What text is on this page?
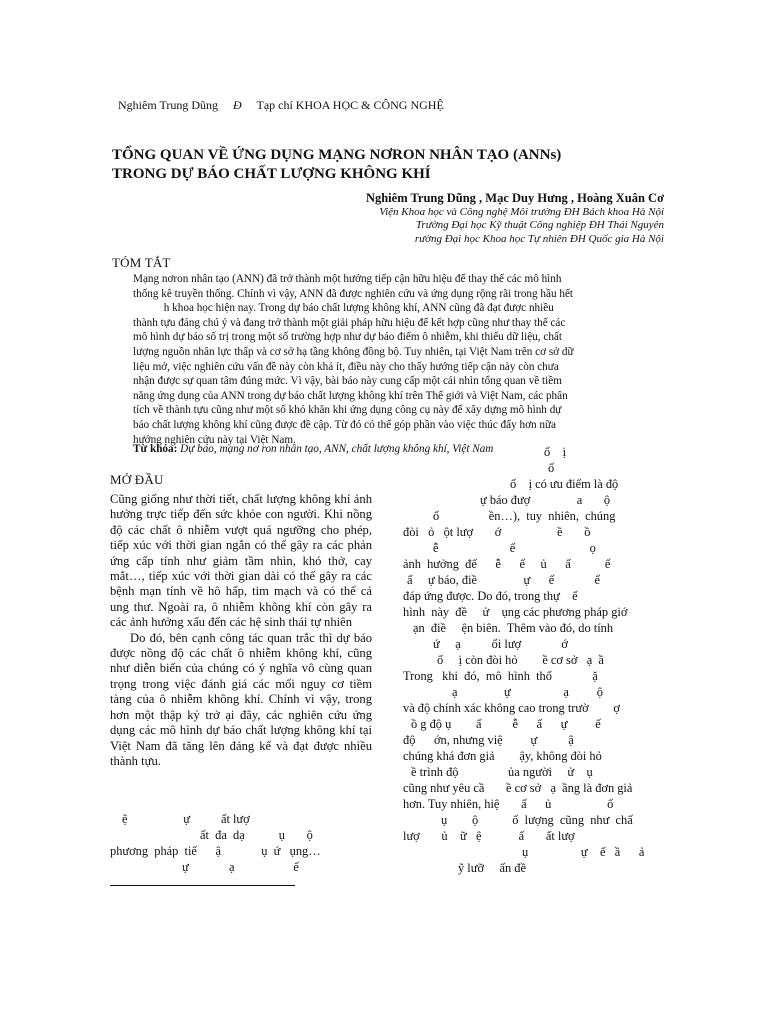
Nghiêm Trung Dũng Đ Tạp chí KHOA HỌC & CÔNG NGHỆ
TỔNG QUAN VỀ ỨNG DỤNG MẠNG NƠRON NHÂN TẠO (ANNs)
TRONG DỰ BÁO CHẤT LƯỢNG KHÔNG KHÍ
Nghiêm Trung Dũng , Mạc Duy Hưng , Hoàng Xuân Cơ
Viện Khoa học và Công nghệ Môi trường ĐH Bách khoa Hà Nội
Trường Đại học Kỹ thuật Công nghiệp ĐH Thái Nguyên
rường Đại học Khoa học Tự nhiên ĐH Quốc gia Hà Nội
TÓM TẮT
Mạng nơron nhân tạo (ANN) đã trở thành một hướng tiếp cận hữu hiệu để thay thế các mô hình
thống kê truyền thống. Chính vì vậy, ANN đã được nghiên cứu và ứng dụng rộng rãi trong hầu hết
h khoa học hiện nay. Trong dự báo chất lượng không khí, ANN cũng đã đạt được nhiều
thành tựu đáng chú ý và đang trở thành một giải pháp hữu hiệu để kết hợp cũng như thay thế các
mô hình dự báo số trị trong một số trường hợp như dự báo điểm ô nhiễm, khi thiếu dữ liệu, chất
lượng nguồn nhân lực thấp và cơ sở hạ tầng không đồng bộ. Tuy nhiên, tại Việt Nam trên cơ sở dữ
liệu mở, việc nghiên cứu vấn đề này còn khá ít, điều này cho thấy hướng tiếp cận này còn chưa
nhận được sự quan tâm đúng mức. Vì vậy, bài báo này cung cấp một cái nhìn tổng quan về tiềm
năng ứng dụng của ANN trong dự báo chất lượng không khí trên Thế giới và Việt Nam, các phân
tích về thành tựu cũng như một số khó khăn khi ứng dụng công cụ này để xây dựng mô hình dự
báo chất lượng không khí cũng được đề cập. Từ đó có thể góp phần vào việc thúc đẩy hơn nữa
hướng nghiên cứu này tại Việt Nam.
Từ khóa: Dự báo, mạng nơ ron nhân tạo, ANN, chất lượng không khí, Việt Nam
MỞ ĐẦU

Cũng giống như thời tiết, chất lượng không khí ảnh hưởng trực tiếp đến sức khỏe con người. Khi nồng độ các chất ô nhiễm vượt quá ngưỡng cho phép, tiếp xúc với thời gian ngắn có thể gây ra các phản ứng cấp tính như giảm tầm nhìn, khó thở, cay mắt…, tiếp xúc với thời gian dài có thể gây ra các bệnh mạn tính về hô hấp, tim mạch và có thể cả ung thư. Ngoài ra, ô nhiễm không khí còn gây ra các ảnh hưởng xấu đến các hệ sinh thái tự nhiên

Do đó, bên cạnh công tác quan trắc thì dự báo được nồng độ các chất ô nhiễm không khí, cũng như diễn biến của chúng có ý nghĩa vô cùng quan trọng trong việc đánh giá các mối nguy cơ tiềm tàng của ô nhiễm không khí. Chính vì vậy, trong hơn một thập kỷ trở ại đây, các nghiên cứu ứng dụng các mô hình dự báo chất lượng không khí tại Việt Nam đã tăng lên đáng kể và đạt được nhiều thành tựu.

ệ                  ự          ất lượ
ất  đa  dạ           ụ       ộ
phương  pháp  tiế      ậ             ụ  ứ   ụng…
ự             ạ                   ể
ố    ị
ố
ố    ị có ưu điểm là độ
ự báo đượ               a       ộ
ố                ền…),  tuy  nhiên,  chúng
đòi   ỏ   ột lượ       ớ                  ề       ồ
ễ                       ế                        ọ
ảnh  hưởng  đế      ễ      ế     ủ      ấ           ể
ấ     ự báo, điề               ự      ế             ể
đáp ứng được. Do đó, trong thự    ế
hình  này  đề     ử    ụng các phương pháp giớ
ạn  điề     ện biên.  Thêm vào đó, do tính
ứ     ạ          ối lượ             ớ
ố     ị còn đòi hỏ        ề cơ sở   ạ  ầ
Trong   khi  đó,  mô  hình  thố             ặ
ạ               ự                 ạ         ộ
và độ chính xác không cao trong trườ        ợ
ồ g độ ụ        ấ          ễ      ấ      ự         ế
độ      ớn, nhưng việ         ự          ậ
chúng khá đơn giả        ậy, không đòi hỏ
ề trình độ                ủa người     ử    ụ
cũng như yêu cầ       ề cơ sở   ạ  ầng là đơn giả
hơn. Tuy nhiên, hiệ       ấ      ủ                  ố
ụ        ộ           ố  lượng  cũng  như  chấ
lượ       ủ    ữ   ệ            ấ       ất lượ
ụ                 ự    ế   ầ      ả
ỹ lưỡ     ấn đề
